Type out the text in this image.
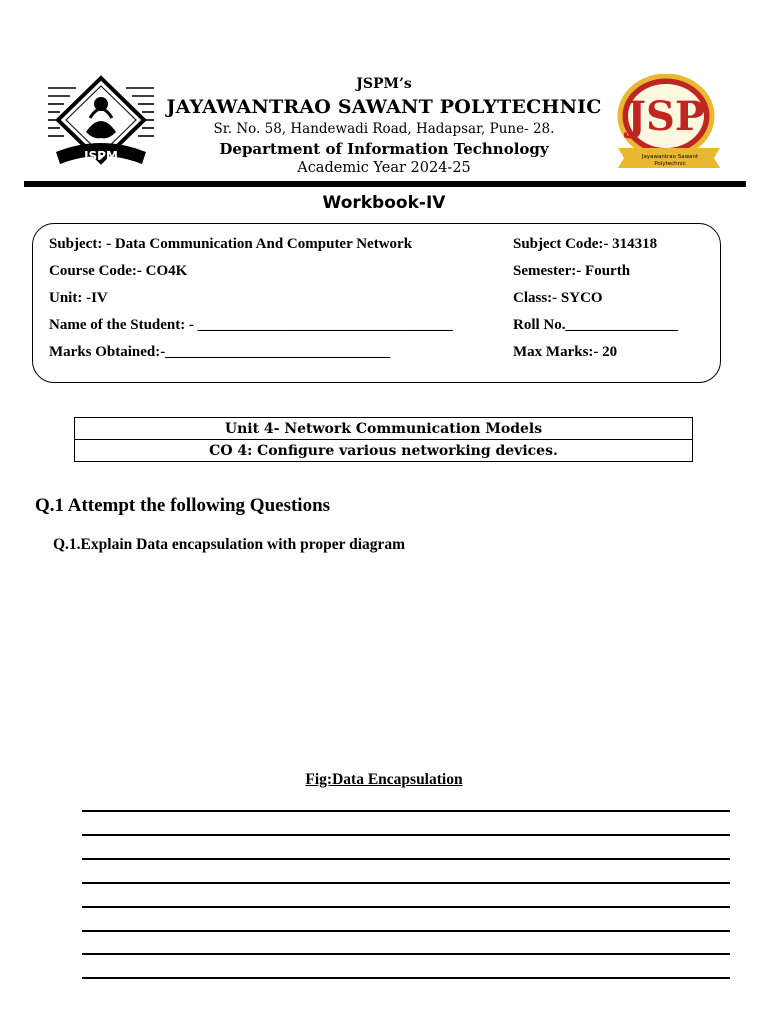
JSPM
JSP
Jayawantrao Sawant
Polytechnic
JSPM’s
JAYAWANTRAO SAWANT POLYTECHNIC
Sr. No. 58, Handewadi Road, Hadapsar, Pune- 28.
Department of Information Technology
Academic Year 2024-25
Workbook-IV
Subject: - Data Communication And Computer Network	Subject Code:- 314318
Course Code:- CO4K	Semester:- Fourth
Unit: -IV	Class:- SYCO
Name of the Student: - __________________________________	Roll No._______________
Marks Obtained:-______________________________	Max Marks:- 20
Unit 4- Network Communication Models
CO 4: Configure various networking devices.
Q.1 Attempt the following Questions
Q.1.Explain Data encapsulation with proper diagram
Fig:Data Encapsulation
